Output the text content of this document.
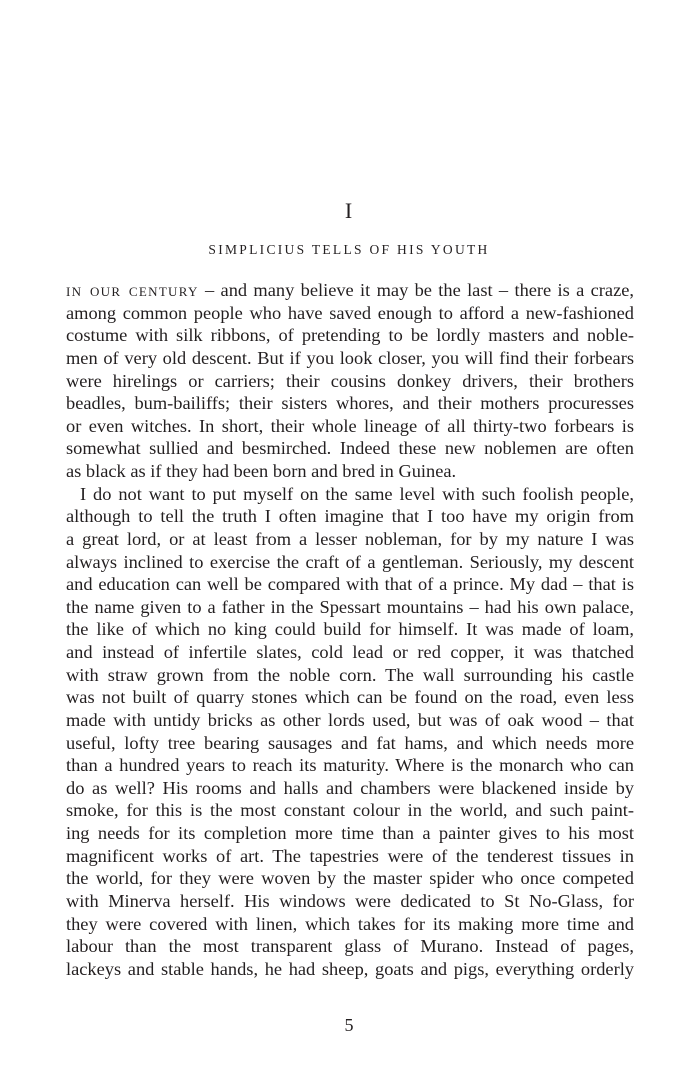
I
SIMPLICIUS TELLS OF HIS YOUTH
in our century – and many believe it may be the last – there is a craze,
among common people who have saved enough to afford a new-fashioned
costume with silk ribbons, of pretending to be lordly masters and noble-
men of very old descent. But if you look closer, you will find their forbears
were hirelings or carriers; their cousins donkey drivers, their brothers
beadles, bum-bailiffs; their sisters whores, and their mothers procuresses
or even witches. In short, their whole lineage of all thirty-two forbears is
somewhat sullied and besmirched. Indeed these new noblemen are often
as black as if they had been born and bred in Guinea.
I do not want to put myself on the same level with such foolish people,
although to tell the truth I often imagine that I too have my origin from
a great lord, or at least from a lesser nobleman, for by my nature I was
always inclined to exercise the craft of a gentleman. Seriously, my descent
and education can well be compared with that of a prince. My dad – that is
the name given to a father in the Spessart mountains – had his own palace,
the like of which no king could build for himself. It was made of loam,
and instead of infertile slates, cold lead or red copper, it was thatched
with straw grown from the noble corn. The wall surrounding his castle
was not built of quarry stones which can be found on the road, even less
made with untidy bricks as other lords used, but was of oak wood – that
useful, lofty tree bearing sausages and fat hams, and which needs more
than a hundred years to reach its maturity. Where is the monarch who can
do as well? His rooms and halls and chambers were blackened inside by
smoke, for this is the most constant colour in the world, and such paint-
ing needs for its completion more time than a painter gives to his most
magnificent works of art. The tapestries were of the tenderest tissues in
the world, for they were woven by the master spider who once competed
with Minerva herself. His windows were dedicated to St No-Glass, for
they were covered with linen, which takes for its making more time and
labour than the most transparent glass of Murano. Instead of pages,
lackeys and stable hands, he had sheep, goats and pigs, everything orderly
5
